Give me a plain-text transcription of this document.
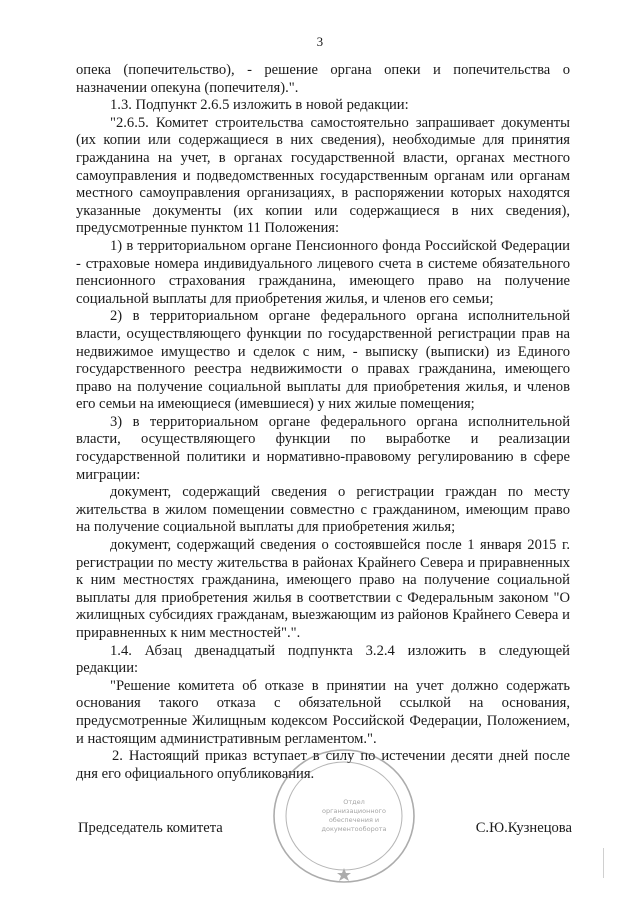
3

опека (попечительство), - решение органа опеки и попечительства о назначении опекуна (попечителя).".

1.3. Подпункт 2.6.5 изложить в новой редакции:

"2.6.5. Комитет строительства самостоятельно запрашивает документы (их копии или содержащиеся в них сведения), необходимые для принятия гражданина на учет, в органах государственной власти, органах местного самоуправления и подведомственных государственным органам или органам местного самоуправления организациях, в распоряжении которых находятся указанные документы (их копии или содержащиеся в них сведения), предусмотренные пунктом 11 Положения:

1) в территориальном органе Пенсионного фонда Российской Федерации - страховые номера индивидуального лицевого счета в системе обязательного пенсионного страхования гражданина, имеющего право на получение социальной выплаты для приобретения жилья, и членов его семьи;

2) в территориальном органе федерального органа исполнительной власти, осуществляющего функции по государственной регистрации прав на недвижимое имущество и сделок с ним, - выписку (выписки) из Единого государственного реестра недвижимости о правах гражданина, имеющего право на получение социальной выплаты для приобретения жилья, и членов его семьи на имеющиеся (имевшиеся) у них жилые помещения;

3) в территориальном органе федерального органа исполнительной власти, осуществляющего функции по выработке и реализации государственной политики и нормативно-правовому регулированию в сфере миграции:

документ, содержащий сведения о регистрации граждан по месту жительства в жилом помещении совместно с гражданином, имеющим право на получение социальной выплаты для приобретения жилья;

документ, содержащий сведения о состоявшейся после 1 января 2015 г. регистрации по месту жительства в районах Крайнего Севера и приравненных к ним местностях гражданина, имеющего право на получение социальной выплаты для приобретения жилья в соответствии с Федеральным законом "О жилищных субсидиях гражданам, выезжающим из районов Крайнего Севера и приравненных к ним местностей".".

1.4. Абзац двенадцатый подпункта 3.2.4 изложить в следующей редакции:

"Решение комитета об отказе в принятии на учет должно содержать основания такого отказа с обязательной ссылкой на основания, предусмотренные Жилищным кодексом Российской Федерации, Положением, и настоящим административным регламентом.".

2. Настоящий приказ вступает в силу по истечении десяти дней после дня его официального опубликования.

Отдел
организационного
обеспечения и
документооборота
Председатель комитета	С.Ю.Кузнецова
